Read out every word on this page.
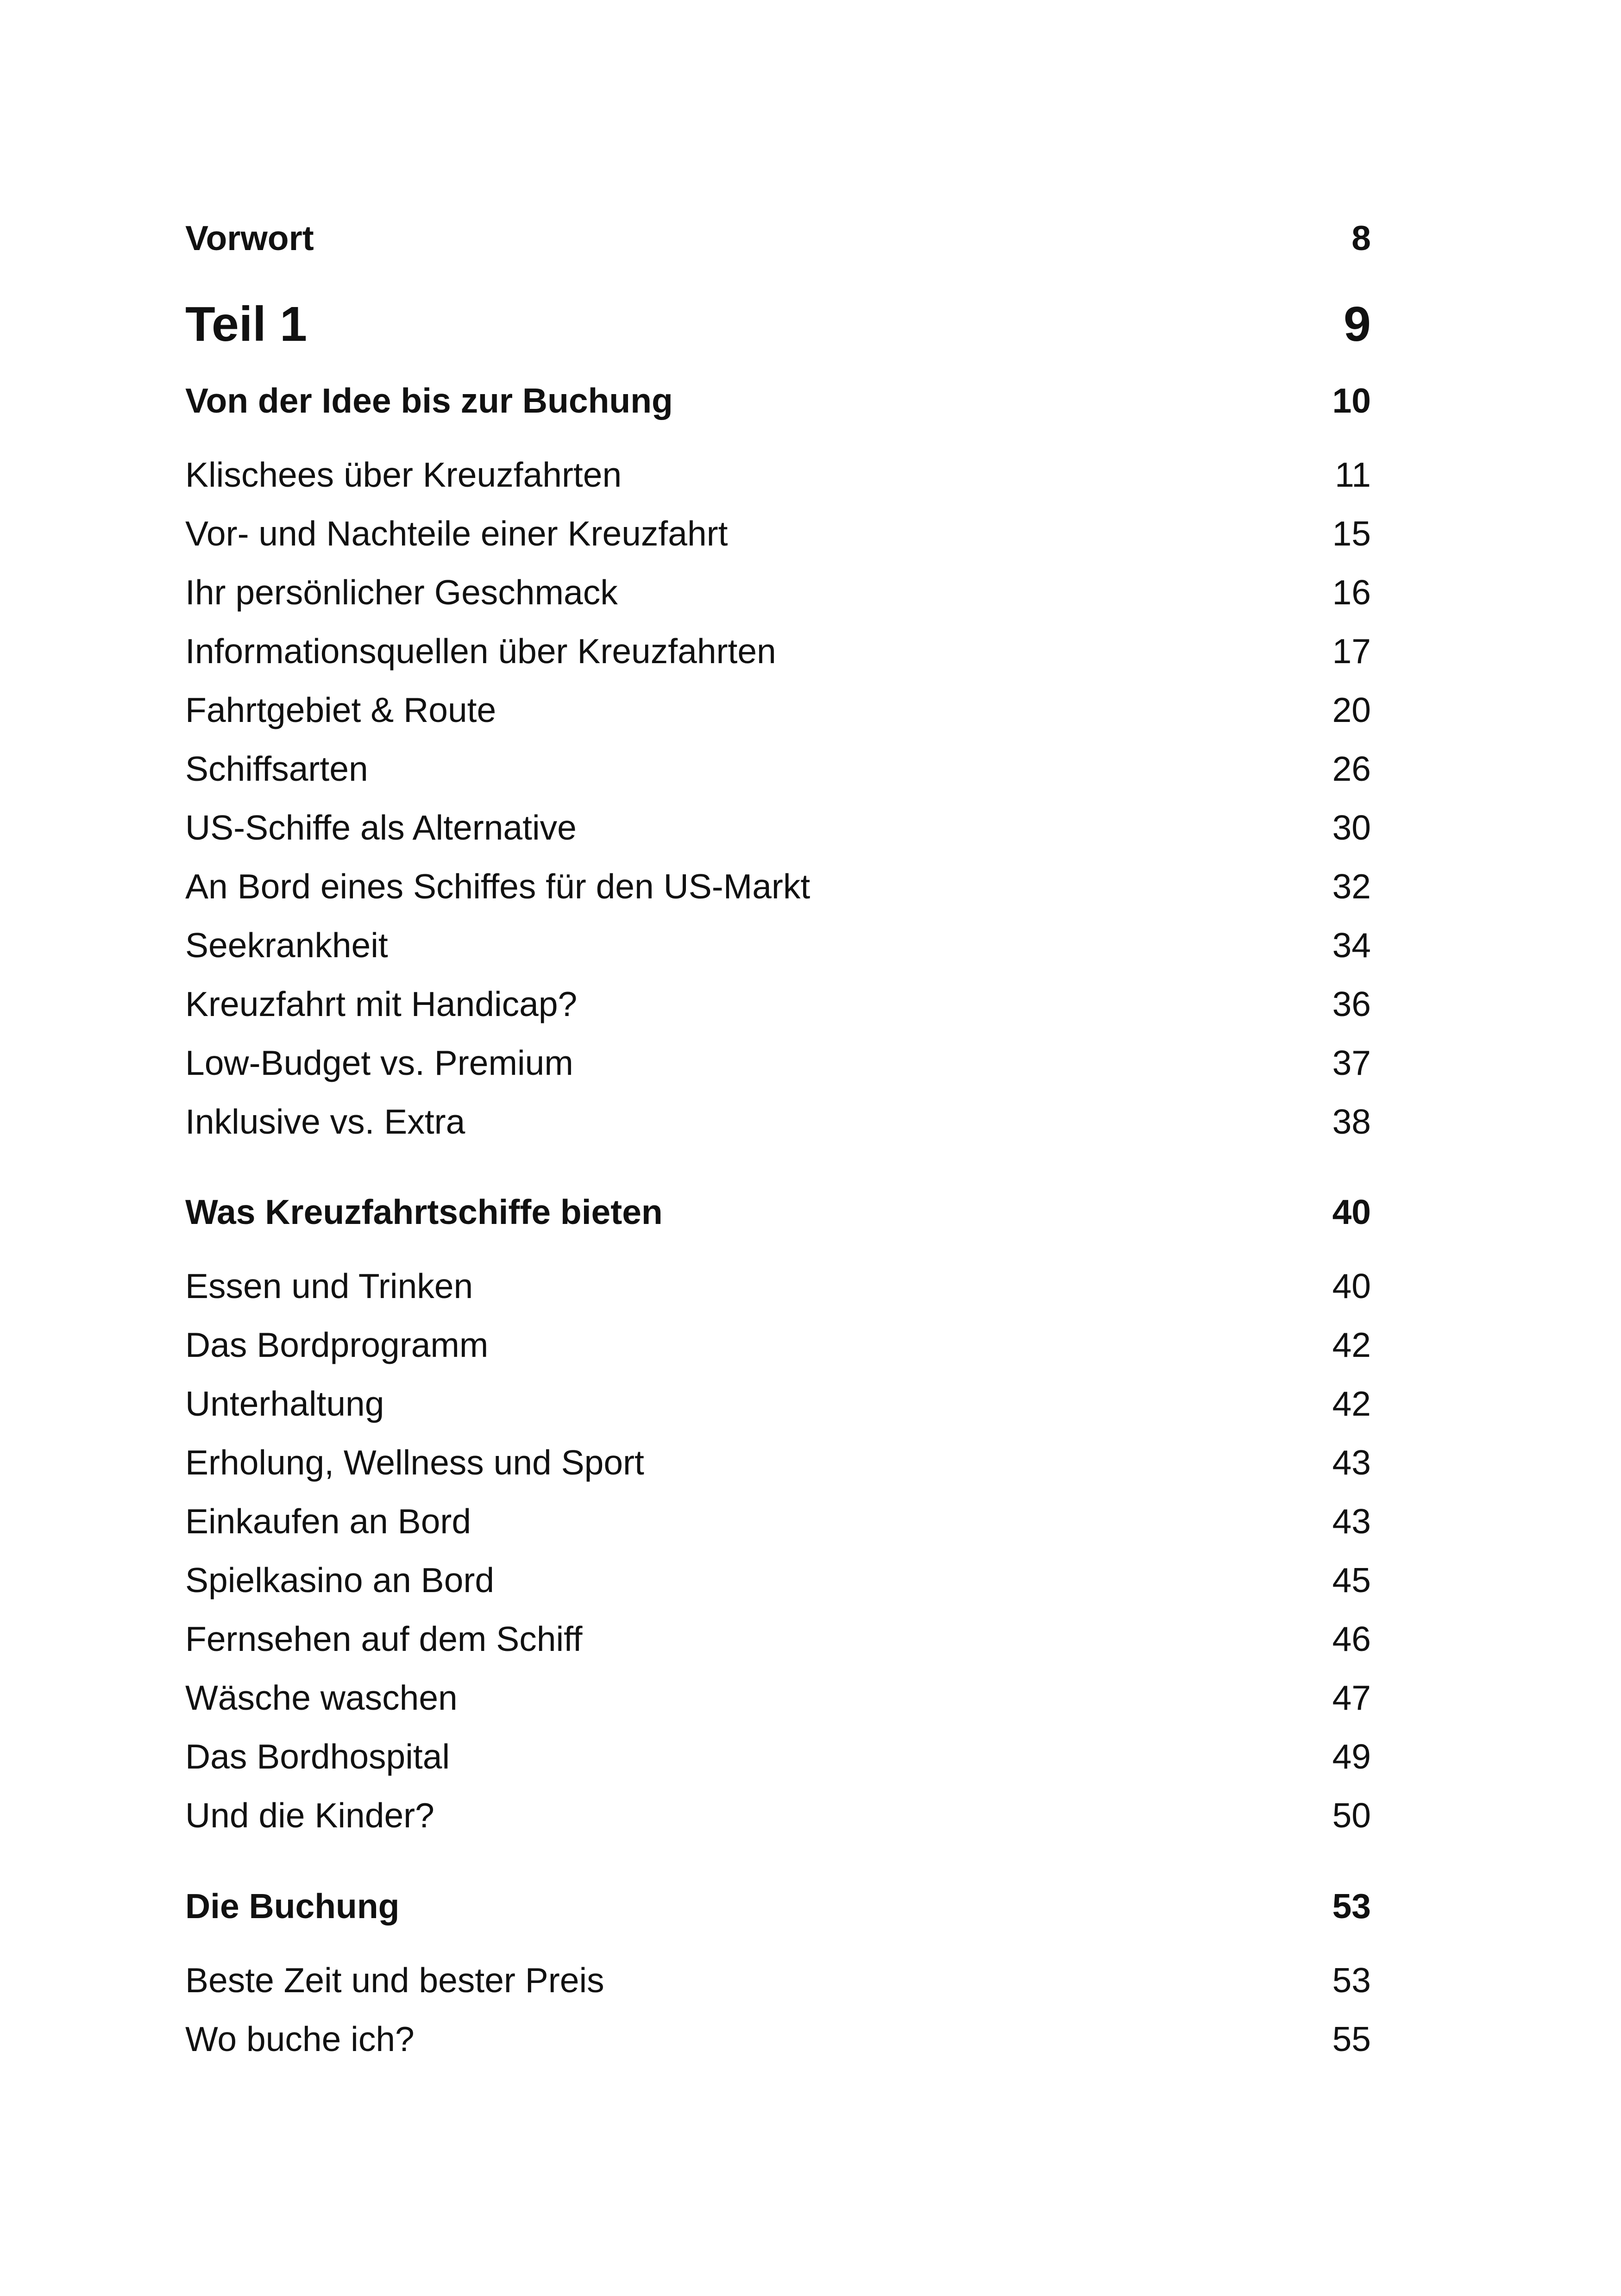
Vorwort	8
Teil 1	9
Von der Idee bis zur Buchung	10
Klischees über Kreuzfahrten	11
Vor- und Nachteile einer Kreuzfahrt	15
Ihr persönlicher Geschmack	16
Informationsquellen über Kreuzfahrten	17
Fahrtgebiet & Route	20
Schiffsarten	26
US-Schiffe als Alternative	30
An Bord eines Schiffes für den US-Markt	32
Seekrankheit	34
Kreuzfahrt mit Handicap?	36
Low-Budget vs. Premium	37
Inklusive vs. Extra	38
Was Kreuzfahrtschiffe bieten	40
Essen und Trinken	40
Das Bordprogramm	42
Unterhaltung	42
Erholung, Wellness und Sport	43
Einkaufen an Bord	43
Spielkasino an Bord	45
Fernsehen auf dem Schiff	46
Wäsche waschen	47
Das Bordhospital	49
Und die Kinder?	50
Die Buchung	53
Beste Zeit und bester Preis	53
Wo buche ich?	55
